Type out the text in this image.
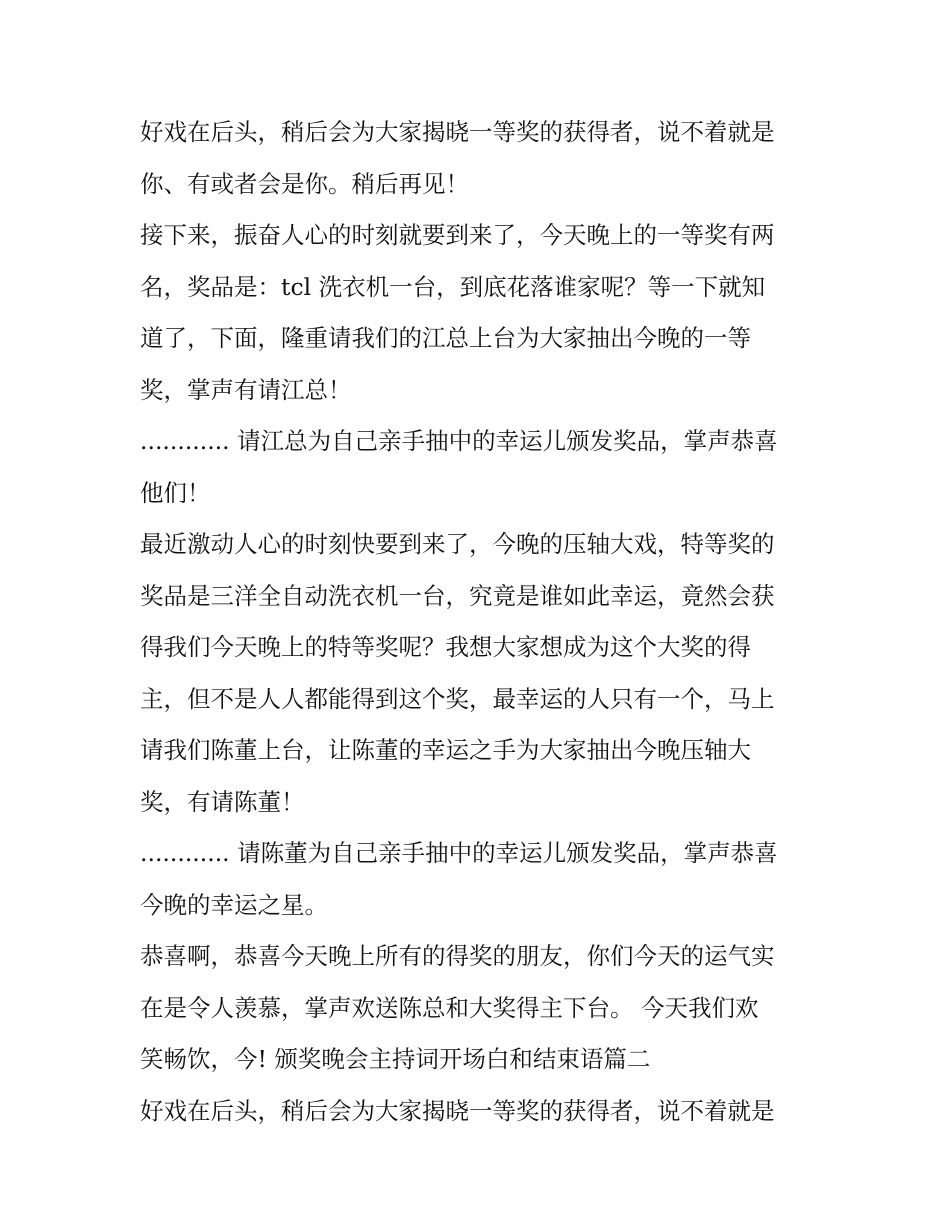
好戏在后头，稍后会为大家揭晓一等奖的获得者，说不着就是
你、有或者会是你。稍后再见！
接下来，振奋人心的时刻就要到来了，今天晚上的一等奖有两
名，奖品是：tcl 洗衣机一台，到底花落谁家呢？等一下就知
道了，下面，隆重请我们的江总上台为大家抽出今晚的一等
奖，掌声有请江总！
............ 请江总为自己亲手抽中的幸运儿颁发奖品，掌声恭喜
他们！
最近激动人心的时刻快要到来了，今晚的压轴大戏，特等奖的
奖品是三洋全自动洗衣机一台，究竟是谁如此幸运，竟然会获
得我们今天晚上的特等奖呢？我想大家想成为这个大奖的得
主，但不是人人都能得到这个奖，最幸运的人只有一个，马上
请我们陈董上台，让陈董的幸运之手为大家抽出今晚压轴大
奖，有请陈董！
............ 请陈董为自己亲手抽中的幸运儿颁发奖品，掌声恭喜
今晚的幸运之星。
恭喜啊，恭喜今天晚上所有的得奖的朋友，你们今天的运气实
在是令人羡慕，掌声欢送陈总和大奖得主下台。 今天我们欢
笑畅饮，今! 颁奖晚会主持词开场白和结束语篇二
好戏在后头，稍后会为大家揭晓一等奖的获得者，说不着就是
